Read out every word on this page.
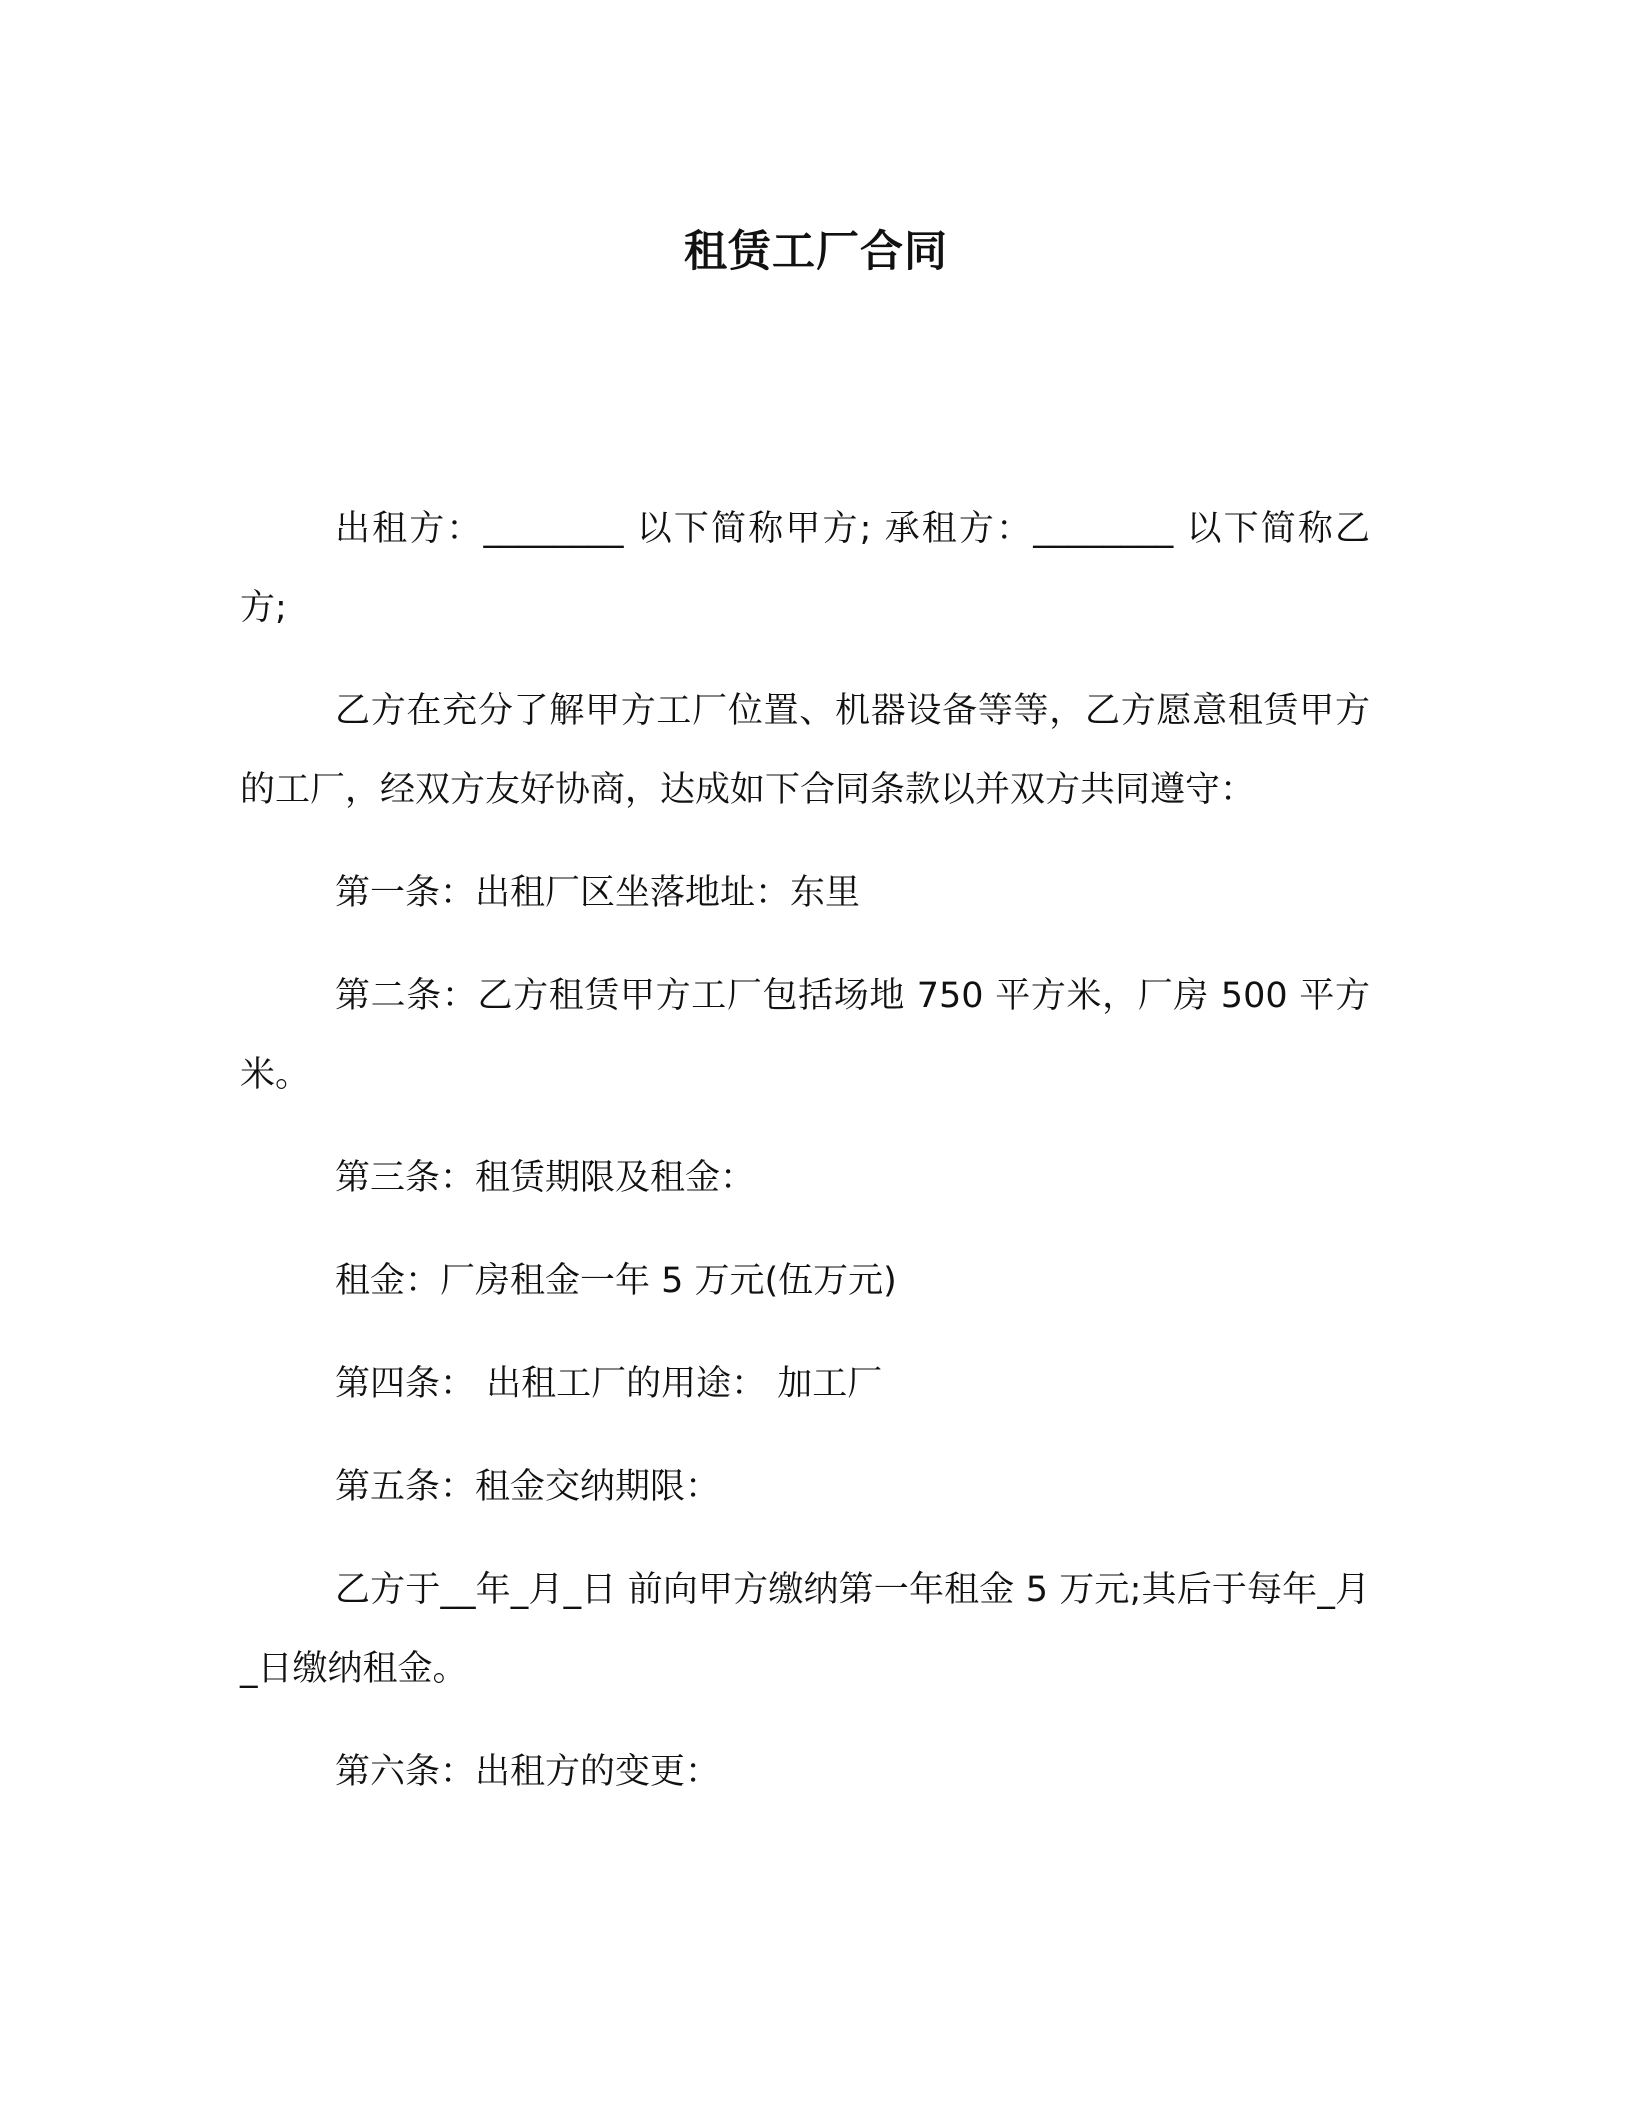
租赁工厂合同

出租方：________ 以下简称甲方; 承租方：________ 以下简称乙方;

乙方在充分了解甲方工厂位置、机器设备等等，乙方愿意租赁甲方的工厂，经双方友好协商，达成如下合同条款以并双方共同遵守：

第一条：出租厂区坐落地址：东里

第二条：乙方租赁甲方工厂包括场地 750 平方米，厂房 500 平方米。

第三条：租赁期限及租金：

租金：厂房租金一年 5 万元(伍万元)

第四条： 出租工厂的用途： 加工厂

第五条：租金交纳期限：

乙方于__年_月_日 前向甲方缴纳第一年租金 5 万元;其后于每年_月_日缴纳租金。

第六条：出租方的变更：
